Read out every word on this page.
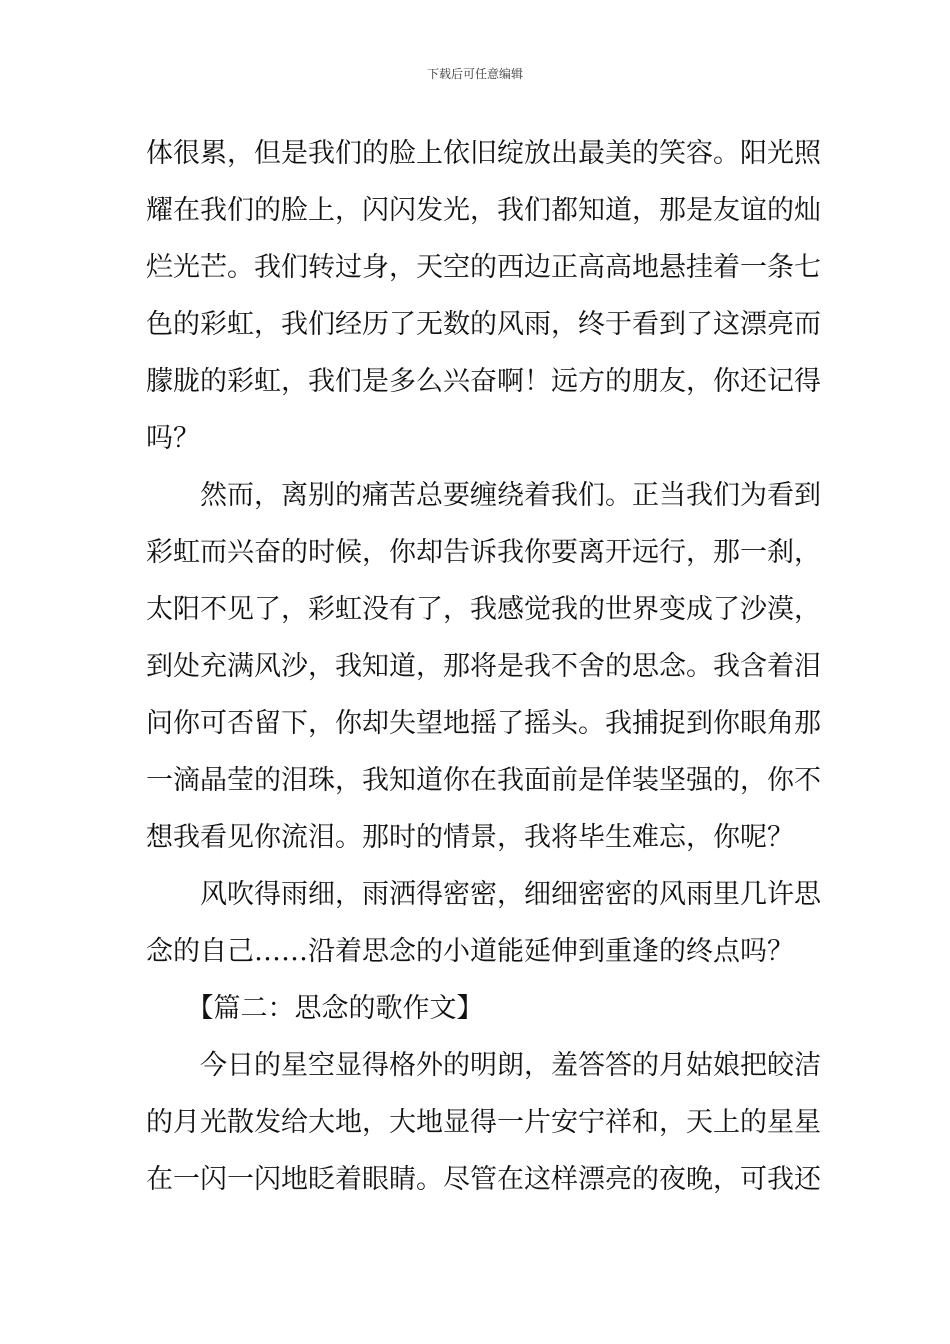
下载后可任意编辑
体很累，但是我们的脸上依旧绽放出最美的笑容。阳光照
耀在我们的脸上，闪闪发光，我们都知道，那是友谊的灿
烂光芒。我们转过身，天空的西边正高高地悬挂着一条七
色的彩虹，我们经历了无数的风雨，终于看到了这漂亮而
朦胧的彩虹，我们是多么兴奋啊！远方的朋友，你还记得
吗？
　　然而，离别的痛苦总要缠绕着我们。正当我们为看到
彩虹而兴奋的时候，你却告诉我你要离开远行，那一刹，
太阳不见了，彩虹没有了，我感觉我的世界变成了沙漠，
到处充满风沙，我知道，那将是我不舍的思念。我含着泪
问你可否留下，你却失望地摇了摇头。我捕捉到你眼角那
一滴晶莹的泪珠，我知道你在我面前是佯装坚强的，你不
想我看见你流泪。那时的情景，我将毕生难忘，你呢？
　　风吹得雨细，雨洒得密密，细细密密的风雨里几许思
念的自己……沿着思念的小道能延伸到重逢的终点吗？
　　【篇二：思念的歌作文】
　　今日的星空显得格外的明朗，羞答答的月姑娘把皎洁
的月光散发给大地，大地显得一片安宁祥和，天上的星星
在一闪一闪地眨着眼睛。尽管在这样漂亮的夜晚，可我还
